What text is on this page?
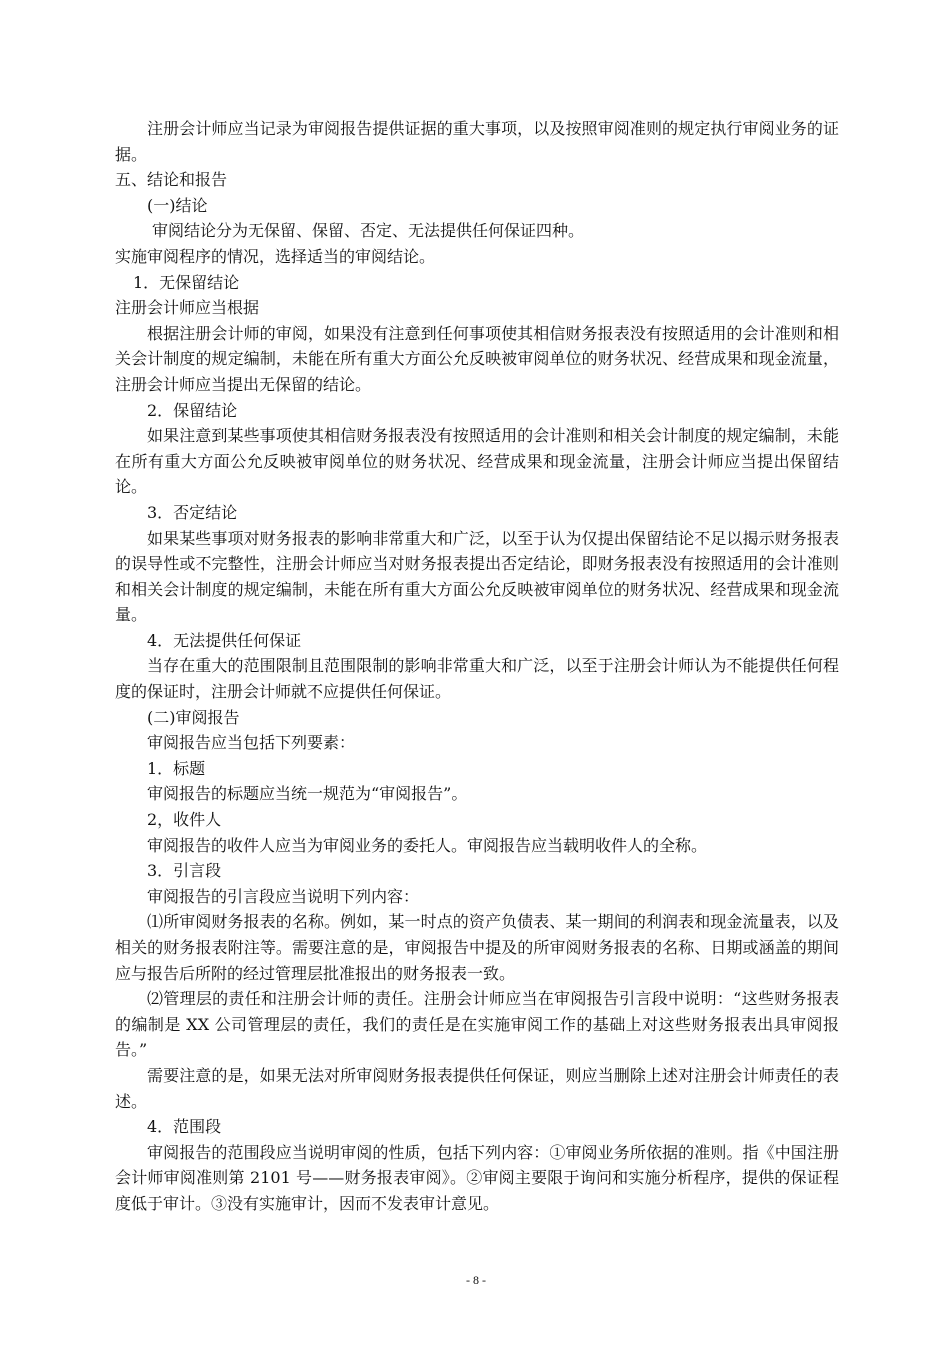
注册会计师应当记录为审阅报告提供证据的重大事项，以及按照审阅准则的规定执行审阅业务的证据。

五、结论和报告

(一)结论

审阅结论分为无保留、保留、否定、无法提供任何保证四种。

实施审阅程序的情况，选择适当的审阅结论。

1．无保留结论

注册会计师应当根据

根据注册会计师的审阅，如果没有注意到任何事项使其相信财务报表没有按照适用的会计准则和相关会计制度的规定编制，未能在所有重大方面公允反映被审阅单位的财务状况、经营成果和现金流量，注册会计师应当提出无保留的结论。

2．保留结论

如果注意到某些事项使其相信财务报表没有按照适用的会计准则和相关会计制度的规定编制，未能在所有重大方面公允反映被审阅单位的财务状况、经营成果和现金流量，注册会计师应当提出保留结论。

3．否定结论

如果某些事项对财务报表的影响非常重大和广泛，以至于认为仅提出保留结论不足以揭示财务报表的误导性或不完整性，注册会计师应当对财务报表提出否定结论，即财务报表没有按照适用的会计准则和相关会计制度的规定编制，未能在所有重大方面公允反映被审阅单位的财务状况、经营成果和现金流量。

4．无法提供任何保证

当存在重大的范围限制且范围限制的影响非常重大和广泛，以至于注册会计师认为不能提供任何程度的保证时，注册会计师就不应提供任何保证。

(二)审阅报告

审阅报告应当包括下列要素：

1．标题

审阅报告的标题应当统一规范为“审阅报告”。

2，收件人

审阅报告的收件人应当为审阅业务的委托人。审阅报告应当载明收件人的全称。

3．引言段

审阅报告的引言段应当说明下列内容：

⑴所审阅财务报表的名称。例如，某一时点的资产负债表、某一期间的利润表和现金流量表，以及相关的财务报表附注等。需要注意的是，审阅报告中提及的所审阅财务报表的名称、日期或涵盖的期间应与报告后所附的经过管理层批准报出的财务报表一致。

⑵管理层的责任和注册会计师的责任。注册会计师应当在审阅报告引言段中说明：“这些财务报表的编制是 XX 公司管理层的责任，我们的责任是在实施审阅工作的基础上对这些财务报表出具审阅报告。”

需要注意的是，如果无法对所审阅财务报表提供任何保证，则应当删除上述对注册会计师责任的表述。

4．范围段

审阅报告的范围段应当说明审阅的性质，包括下列内容：①审阅业务所依据的准则。指《中国注册会计师审阅准则第 2101 号——财务报表审阅》。②审阅主要限于询问和实施分析程序，提供的保证程度低于审计。③没有实施审计，因而不发表审计意见。

- 8 -
